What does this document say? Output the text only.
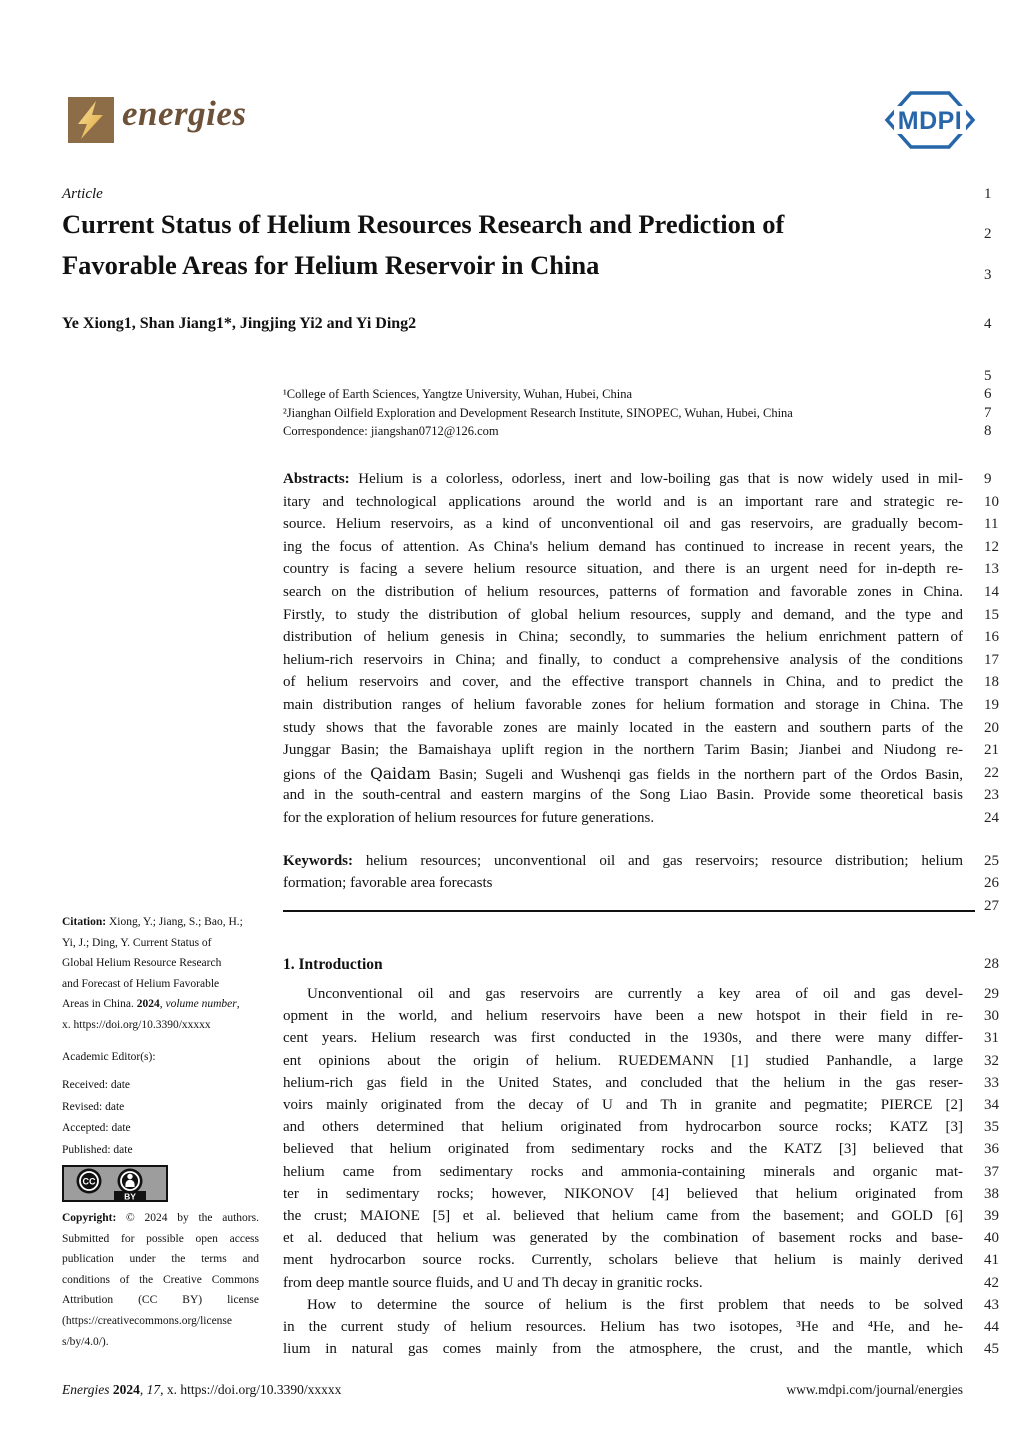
energies	MDPI
Article
Current Status of Helium Resources Research and Prediction of
Favorable Areas for Helium Reservoir in China
Ye Xiong1, Shan Jiang1*, Jingjing Yi2 and Yi Ding2
¹College of Earth Sciences, Yangtze University, Wuhan, Hubei, China
²Jianghan Oilfield Exploration and Development Research Institute, SINOPEC, Wuhan, Hubei, China
Correspondence: jiangshan0712@126.com
Abstracts: Helium is a colorless, odorless, inert and low-boiling gas that is now widely used in mil-
itary and technological applications around the world and is an important rare and strategic re-
source. Helium reservoirs, as a kind of unconventional oil and gas reservoirs, are gradually becom-
ing the focus of attention. As China's helium demand has continued to increase in recent years, the
country is facing a severe helium resource situation, and there is an urgent need for in-depth re-
search on the distribution of helium resources, patterns of formation and favorable zones in China.
Firstly, to study the distribution of global helium resources, supply and demand, and the type and
distribution of helium genesis in China; secondly, to summaries the helium enrichment pattern of
helium-rich reservoirs in China; and finally, to conduct a comprehensive analysis of the conditions
of helium reservoirs and cover, and the effective transport channels in China, and to predict the
main distribution ranges of helium favorable zones for helium formation and storage in China. The
study shows that the favorable zones are mainly located in the eastern and southern parts of the
Junggar Basin; the Bamaishaya uplift region in the northern Tarim Basin; Jianbei and Niudong re-
gions of the Qaidam Basin; Sugeli and Wushenqi gas fields in the northern part of the Ordos Basin,
and in the south-central and eastern margins of the Song Liao Basin. Provide some theoretical basis
for the exploration of helium resources for future generations.
Keywords: helium resources; unconventional oil and gas reservoirs; resource distribution; helium
formation; favorable area forecasts
1. Introduction
Unconventional oil and gas reservoirs are currently a key area of oil and gas devel-
opment in the world, and helium reservoirs have been a new hotspot in their field in re-
cent years. Helium research was first conducted in the 1930s, and there were many differ-
ent opinions about the origin of helium. RUEDEMANN [1] studied Panhandle, a large
helium-rich gas field in the United States, and concluded that the helium in the gas reser-
voirs mainly originated from the decay of U and Th in granite and pegmatite; PIERCE [2]
and others determined that helium originated from hydrocarbon source rocks; KATZ [3]
believed that helium originated from sedimentary rocks and the KATZ [3] believed that
helium came from sedimentary rocks and ammonia-containing minerals and organic mat-
ter in sedimentary rocks; however, NIKONOV [4] believed that helium originated from
the crust; MAIONE [5] et al. believed that helium came from the basement; and GOLD [6]
et al. deduced that helium was generated by the combination of basement rocks and base-
ment hydrocarbon source rocks. Currently, scholars believe that helium is mainly derived
from deep mantle source fluids, and U and Th decay in granitic rocks.
How to determine the source of helium is the first problem that needs to be solved
in the current study of helium resources. Helium has two isotopes, ³He and ⁴He, and he-
lium in natural gas comes mainly from the atmosphere, the crust, and the mantle, which
Citation: Xiong, Y.; Jiang, S.; Bao, H.;
Yi, J.; Ding, Y. Current Status of
Global Helium Resource Research
and Forecast of Helium Favorable
Areas in China. 2024, volume number,
x. https://doi.org/10.3390/xxxxx
Academic Editor(s):
Received: date
Revised: date
Accepted: date
Published: date
CC
BY
Copyright: © 2024 by the authors.
Submitted for possible open access
publication under the terms and
conditions of the Creative Commons
Attribution (CC BY) license
(https://creativecommons.org/license
s/by/4.0/).
Energies 2024, 17, x. https://doi.org/10.3390/xxxxx	www.mdpi.com/journal/energies
1
2
3
4
5
6
7
8
9
10
11
12
13
14
15
16
17
18
19
20
21
22
23
24
25
26
27
28
29
30
31
32
33
34
35
36
37
38
39
40
41
42
43
44
45
